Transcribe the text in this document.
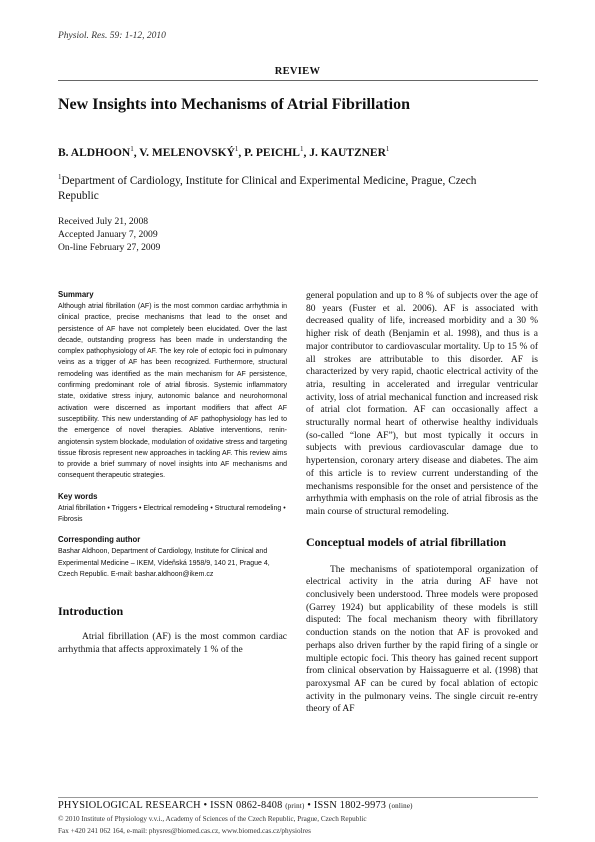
Physiol. Res. 59: 1-12, 2010
REVIEW
New Insights into Mechanisms of Atrial Fibrillation
B. ALDHOON$^1$, V. MELENOVSKÝ$^1$, P. PEICHL$^1$, J. KAUTZNER$^1$
$^1$Department of Cardiology, Institute for Clinical and Experimental Medicine, Prague, Czech Republic
Received July 21, 2008
Accepted January 7, 2009
On-line February 27, 2009
Summary
Although atrial fibrillation (AF) is the most common cardiac arrhythmia in clinical practice, precise mechanisms that lead to the onset and persistence of AF have not completely been elucidated. Over the last decade, outstanding progress has been made in understanding the complex pathophysiology of AF. The key role of ectopic foci in pulmonary veins as a trigger of AF has been recognized. Furthermore, structural remodeling was identified as the main mechanism for AF persistence, confirming predominant role of atrial fibrosis. Systemic inflammatory state, oxidative stress injury, autonomic balance and neurohormonal activation were discerned as important modifiers that affect AF susceptibility. This new understanding of AF pathophysiology has led to the emergence of novel therapies. Ablative interventions, renin-angiotensin system blockade, modulation of oxidative stress and targeting tissue fibrosis represent new approaches in tackling AF. This review aims to provide a brief summary of novel insights into AF mechanisms and consequent therapeutic strategies.
Key words
Atrial fibrillation • Triggers • Electrical remodeling • Structural remodeling • Fibrosis
Corresponding author
Bashar Aldhoon, Department of Cardiology, Institute for Clinical and Experimental Medicine – IKEM, Vídeňská 1958/9, 140 21, Prague 4, Czech Republic. E-mail: bashar.aldhoon@ikem.cz
Introduction
Atrial fibrillation (AF) is the most common cardiac arrhythmia that affects approximately 1 % of the
general population and up to 8 % of subjects over the age of 80 years (Fuster et al. 2006). AF is associated with decreased quality of life, increased morbidity and a 30 % higher risk of death (Benjamin et al. 1998), and thus is a major contributor to cardiovascular mortality. Up to 15 % of all strokes are attributable to this disorder. AF is characterized by very rapid, chaotic electrical activity of the atria, resulting in accelerated and irregular ventricular activity, loss of atrial mechanical function and increased risk of atrial clot formation. AF can occasionally affect a structurally normal heart of otherwise healthy individuals (so-called “lone AF”), but most typically it occurs in subjects with previous cardiovascular damage due to hypertension, coronary artery disease and diabetes. The aim of this article is to review current understanding of the mechanisms responsible for the onset and persistence of the arrhythmia with emphasis on the role of atrial fibrosis as the main course of structural remodeling.
Conceptual models of atrial fibrillation
The mechanisms of spatiotemporal organization of electrical activity in the atria during AF have not conclusively been understood. Three models were proposed (Garrey 1924) but applicability of these models is still disputed: The focal mechanism theory with fibrillatory conduction stands on the notion that AF is provoked and perhaps also driven further by the rapid firing of a single or multiple ectopic foci. This theory has gained recent support from clinical observation by Haissaguerre et al. (1998) that paroxysmal AF can be cured by focal ablation of ectopic activity in the pulmonary veins. The single circuit re-entry theory of AF
PHYSIOLOGICAL RESEARCH • ISSN 0862-8408 (print) • ISSN 1802-9973 (online)
© 2010 Institute of Physiology v.v.i., Academy of Sciences of the Czech Republic, Prague, Czech Republic
Fax +420 241 062 164, e-mail: physres@biomed.cas.cz, www.biomed.cas.cz/physiolres
